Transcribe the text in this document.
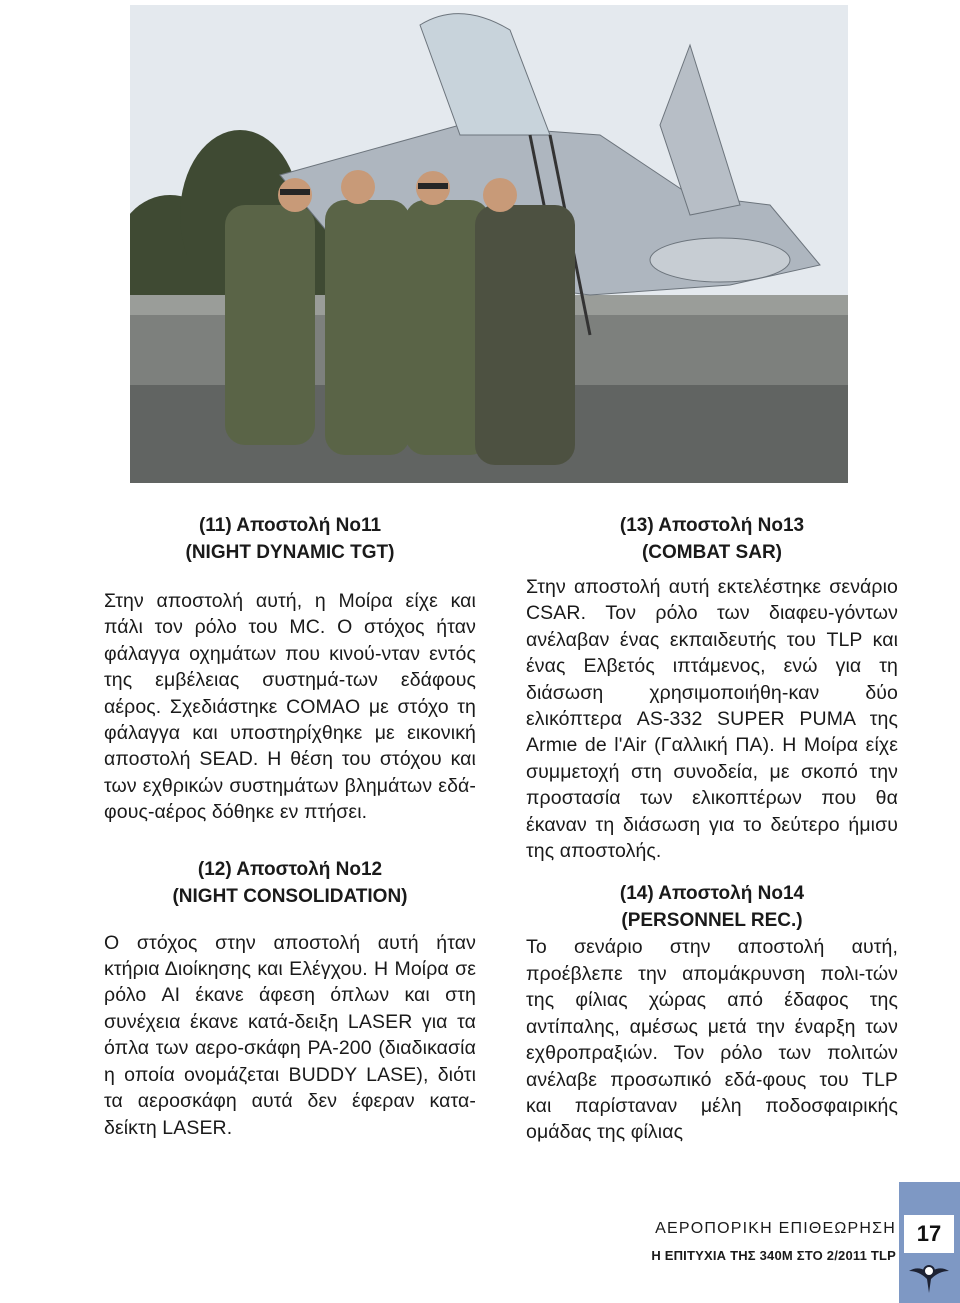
(11) Αποστολή Νο11
(NIGHT DYNAMIC TGT)

Στην αποστολή αυτή, η Μοίρα είχε και πάλι τον ρόλο του MC. Ο στόχος ήταν φάλαγγα οχημάτων που κινού-νταν εντός της εμβέλειας συστημά-των εδάφους αέρος. Σχεδιάστηκε COMAO με στόχο τη φάλαγγα και υποστηρίχθηκε με εικονική αποστολή SEAD. Η θέση του στόχου και των εχθρικών συστημάτων βλημάτων εδά-φους-αέρος δόθηκε εν πτήσει.

(12) Αποστολή Νο12
(NIGHT CONSOLIDATION)

Ο στόχος στην αποστολή αυτή ήταν κτήρια Διοίκησης και Ελέγχου. Η Μοίρα σε ρόλο AI έκανε άφεση όπλων και στη συνέχεια έκανε κατά-δειξη LASER για τα όπλα των αερο-σκάφη PA-200 (διαδικασία η οποία ονομάζεται BUDDY LASE), διότι τα αεροσκάφη αυτά δεν έφεραν κατα-δείκτη LASER.

(13) Αποστολή Νο13
(COMBAT SAR)

Στην αποστολή αυτή εκτελέστηκε σενάριο CSAR. Τον ρόλο των διαφευ-γόντων ανέλαβαν ένας εκπαιδευτής του TLP και ένας Ελβετός ιπτάμενος, ενώ για τη διάσωση χρησιμοποιήθη-καν δύο ελικόπτερα AS-332 SUPER PUMA της Armιe de l'Air (Γαλλική ΠΑ). Η Μοίρα είχε συμμετοχή στη συνοδεία, με σκοπό την προστασία των ελικοπτέρων που θα έκαναν τη διάσωση για το δεύτερο ήμισυ της αποστολής.

(14) Αποστολή Νο14
(PERSONNEL REC.)

Το σενάριο στην αποστολή αυτή, προέβλεπε την απομάκρυνση πολι-τών της φίλιας χώρας από έδαφος της αντίπαλης, αμέσως μετά την έναρξη των εχθροπραξιών. Τον ρόλο των πολιτών ανέλαβε προσωπικό εδά-φους του TLP και παρίσταναν μέλη ποδοσφαιρικής ομάδας της φίλιας

ΑΕΡΟΠΟΡΙΚΗ ΕΠΙΘΕΩΡΗΣΗ
Η ΕΠΙΤΥΧΙΑ ΤΗΣ 340Μ ΣΤΟ 2/2011 TLP
17
